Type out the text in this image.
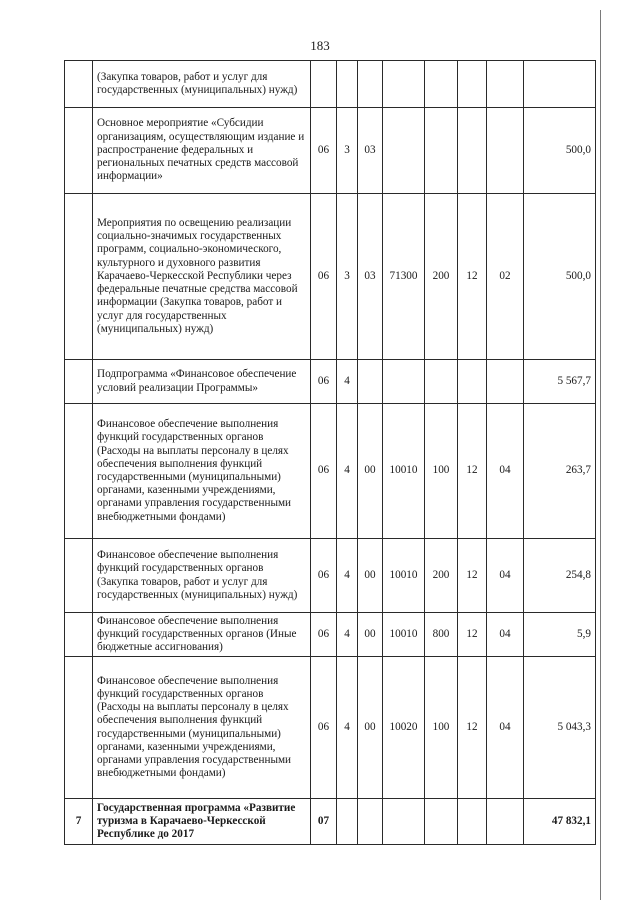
183
	(Закупка товаров, работ и услуг для государственных (муниципальных) нужд)								
	Основное мероприятие «Субсидии организациям, осуществляющим издание и распространение федеральных и региональных печатных средств массовой информации»	06	3	03					500,0
	Мероприятия по освещению реализации социально-значимых государственных программ, социально-экономического, культурного и духовного развития Карачаево-Черкесской Республики через федеральные печатные средства массовой информации (Закупка товаров, работ и услуг для государственных (муниципальных) нужд)	06	3	03	71300	200	12	02	500,0
	Подпрограмма «Финансовое обеспечение условий реализации Программы»	06	4						5 567,7
	Финансовое обеспечение выполнения функций государственных органов (Расходы на выплаты персоналу в целях обеспечения выполнения функций государственными (муниципальными) органами, казенными учреждениями, органами управления государственными внебюджетными фондами)	06	4	00	10010	100	12	04	263,7
	Финансовое обеспечение выполнения функций государственных органов (Закупка товаров, работ и услуг для государственных (муниципальных) нужд)	06	4	00	10010	200	12	04	254,8
	Финансовое обеспечение выполнения функций государственных органов (Иные бюджетные ассигнования)	06	4	00	10010	800	12	04	5,9
	Финансовое обеспечение выполнения функций государственных органов (Расходы на выплаты персоналу в целях обеспечения выполнения функций государственными (муниципальными) органами, казенными учреждениями, органами управления государственными внебюджетными фондами)	06	4	00	10020	100	12	04	5 043,3
7	Государственная программа «Развитие туризма в Карачаево-Черкесской Республике до 2017	07							47 832,1
